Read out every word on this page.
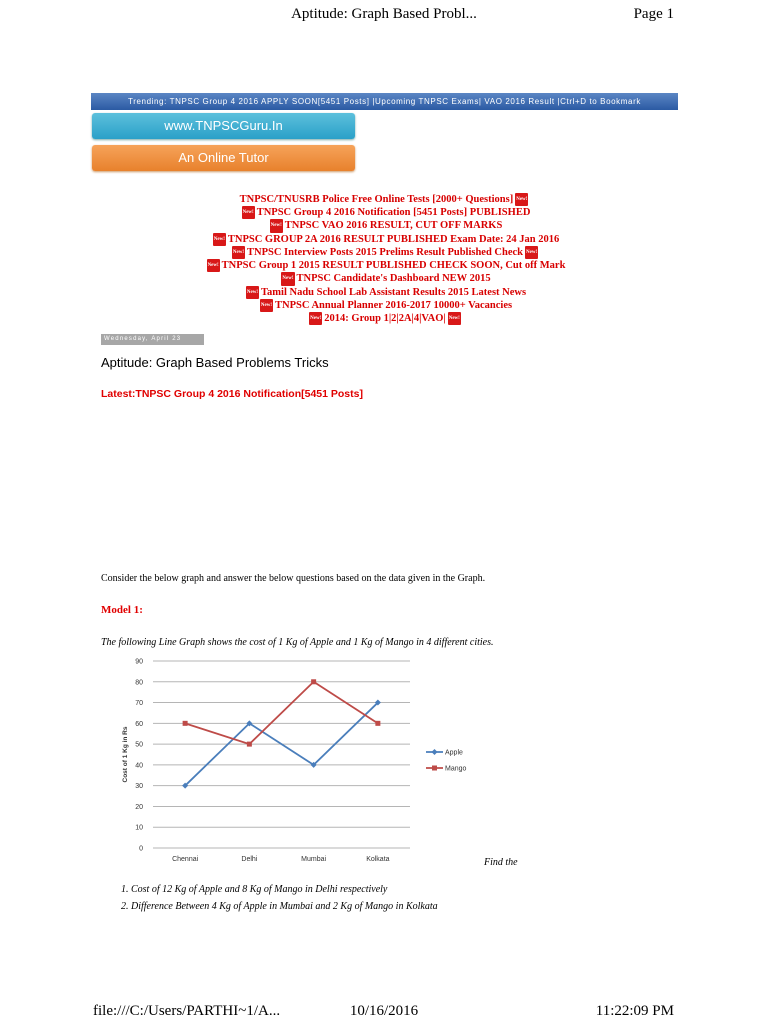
Aptitude: Graph Based Probl...	Page 1
Trending: TNPSC Group 4 2016 APPLY SOON[5451 Posts] |Upcoming TNPSC Exams| VAO 2016 Result |Ctrl+D to Bookmark
www.TNPSCGuru.In
An Online Tutor
TNPSC/TNUSRB Police Free Online Tests [2000+ Questions] New!
New! TNPSC Group 4 2016 Notification [5451 Posts] PUBLISHED
New! TNPSC VAO 2016 RESULT, CUT OFF MARKS
New! TNPSC GROUP 2A 2016 RESULT PUBLISHED Exam Date: 24 Jan 2016
New! TNPSC Interview Posts 2015 Prelims Result Published Check New!
New! TNPSC Group 1 2015 RESULT PUBLISHED CHECK SOON, Cut off Mark
New! TNPSC Candidate's Dashboard NEW 2015
New! Tamil Nadu School Lab Assistant Results 2015 Latest News
New! TNPSC Annual Planner 2016-2017 10000+ Vacancies
New! 2014: Group 1|2|2A|4|VAO| New!
Wednesday, April 23
Aptitude: Graph Based Problems Tricks
Latest:TNPSC Group 4 2016 Notification[5451 Posts]
Consider the below graph and answer the below questions based on the data given in the Graph.
Model 1:
The following Line Graph shows the cost of 1 Kg of Apple and 1 Kg of Mango in 4 different cities.
0
10
20
30
40
50
60
70
80
90
Chennai	Delhi	Mumbai	Kolkata
Cost of 1 Kg in Rs	Apple
Mango
Find the
1. Cost of 12 Kg of Apple and 8 Kg of Mango in Delhi respectively
2. Difference Between 4 Kg of Apple in Mumbai and 2 Kg of Mango in Kolkata
file:///C:/Users/PARTHI~1/A...	10/16/2016	11:22:09 PM
